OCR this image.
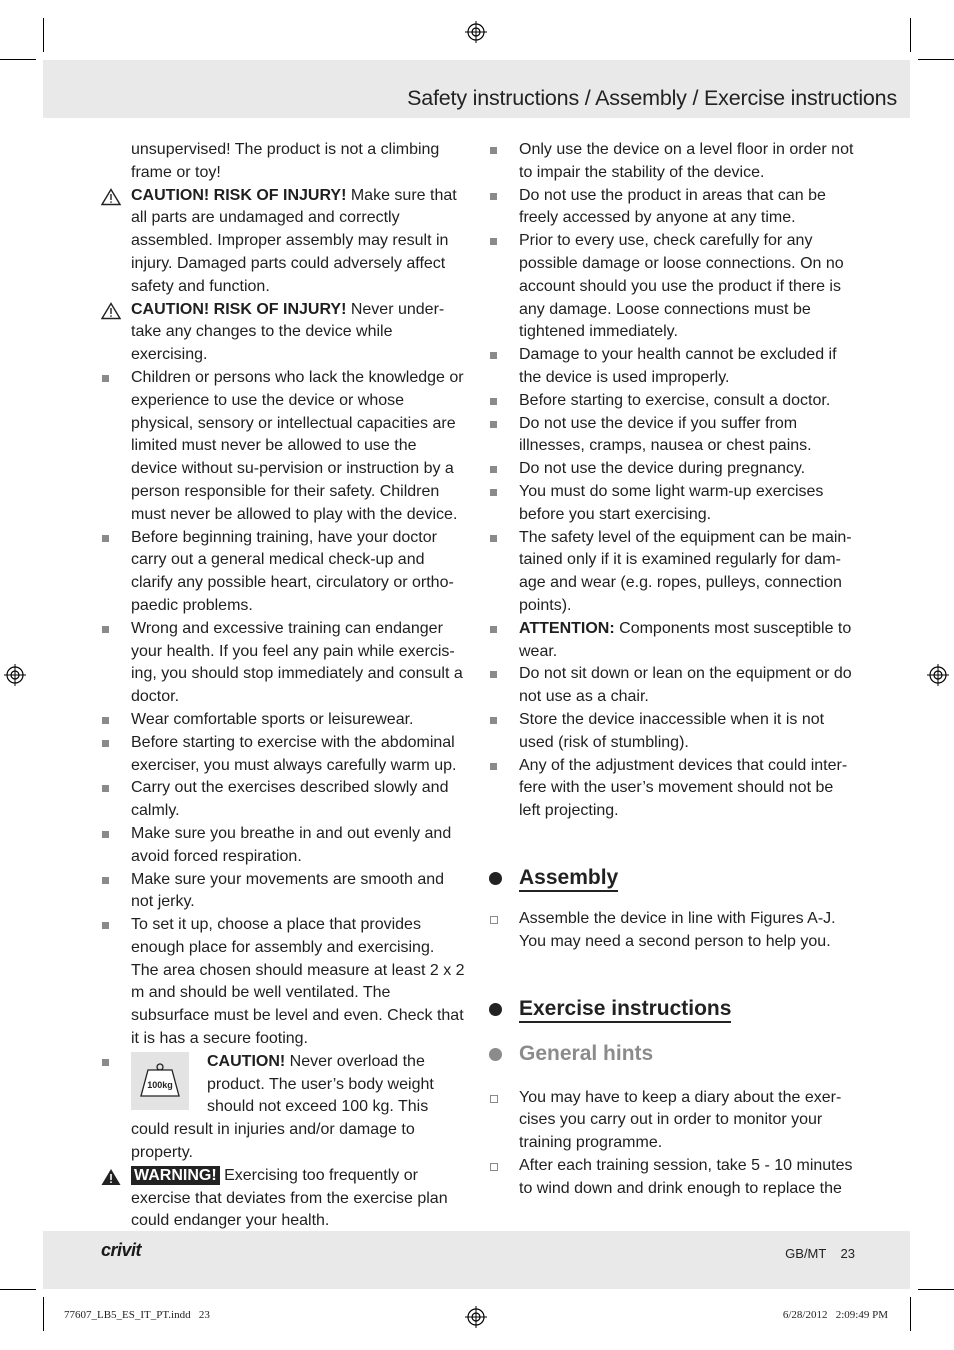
Safety instructions / Assembly / Exercise instructions

unsupervised! The product is not a climbing frame or toy!

CAUTION! RISK OF INJURY! Make sure that all parts are undamaged and correctly assembled. Improper assembly may result in injury. Damaged parts could adversely affect safety and function.

CAUTION! RISK OF INJURY! Never under-take any changes to the device while exercising.

Children or persons who lack the knowledge or experience to use the device or whose physical, sensory or intellectual capacities are limited must never be allowed to use the device without su-pervision or instruction by a person responsible for their safety. Children must never be allowed to play with the device.

Before beginning training, have your doctor carry out a general medical check-up and clarify any possible heart, circulatory or ortho-paedic problems.

Wrong and excessive training can endanger your health. If you feel any pain while exercis-ing, you should stop immediately and consult a doctor.

Wear comfortable sports or leisurewear.

Before starting to exercise with the abdominal exerciser, you must always carefully warm up.

Carry out the exercises described slowly and calmly.

Make sure you breathe in and out evenly and avoid forced respiration.

Make sure your movements are smooth and not jerky.

To set it up, choose a place that provides enough place for assembly and exercising. The area chosen should measure at least 2 x 2 m and should be well ventilated. The subsurface must be level and even. Check that it is has a secure footing.

100kg
CAUTION! Never overload the product. The user’s body weight should not exceed 100 kg. This could result in injuries and/or damage to property.

WARNING! Exercising too frequently or exercise that deviates from the exercise plan could endanger your health.

Only use the device on a level floor in order not to impair the stability of the device.

Do not use the product in areas that can be freely accessed by anyone at any time.

Prior to every use, check carefully for any possible damage or loose connections. On no account should you use the product if there is any damage. Loose connections must be tightened immediately.

Damage to your health cannot be excluded if the device is used improperly.

Before starting to exercise, consult a doctor.

Do not use the device if you suffer from illnesses, cramps, nausea or chest pains.

Do not use the device during pregnancy.

You must do some light warm-up exercises before you start exercising.

The safety level of the equipment can be main-tained only if it is examined regularly for dam-age and wear (e.g. ropes, pulleys, connection points).

ATTENTION: Components most susceptible to wear.

Do not sit down or lean on the equipment or do not use as a chair.

Store the device inaccessible when it is not used (risk of stumbling).

Any of the adjustment devices that could inter-fere with the user’s movement should not be left projecting.

Assembly

Assemble the device in line with Figures A-J. You may need a second person to help you.

Exercise instructions
General hints

You may have to keep a diary about the exer-cises you carry out in order to monitor your training programme.

After each training session, take 5 - 10 minutes to wind down and drink enough to replace the

crivit	GB/MT    23
77607_LB5_ES_IT_PT.indd   23	6/28/2012   2:09:49 PM
